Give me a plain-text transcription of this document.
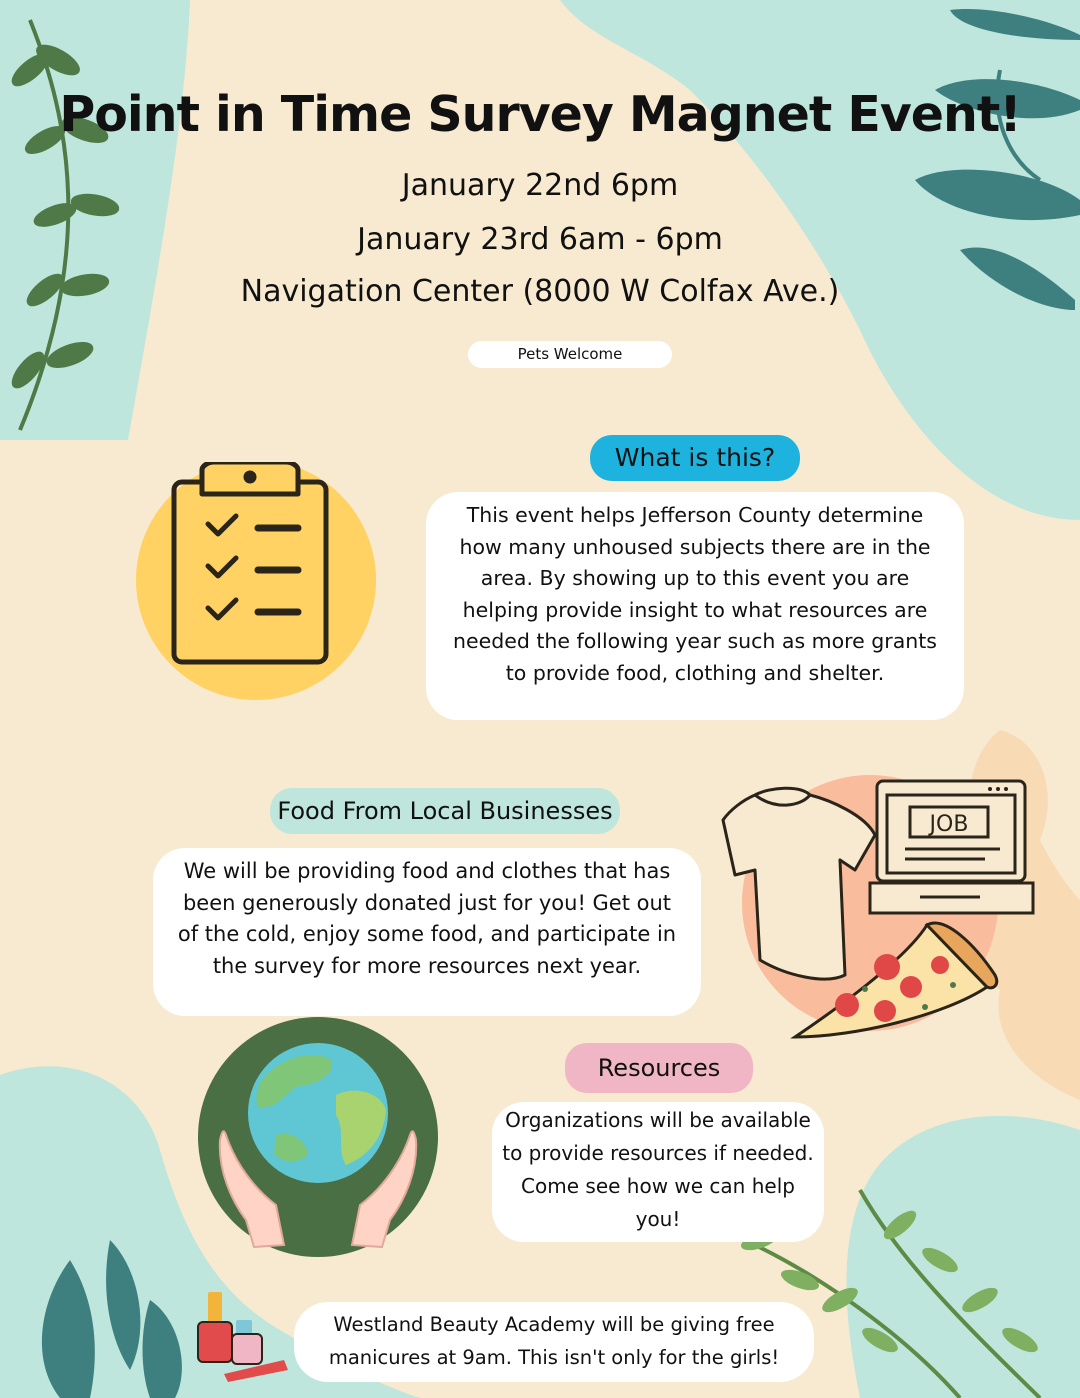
Point in Time Survey Magnet Event!
January 22nd 6pm
January 23rd 6am - 6pm
Navigation Center (8000 W Colfax Ave.)
Pets Welcome
What is this?
This event helps Jefferson County determine how many unhoused subjects there are in the area. By showing up to this event you are helping provide insight to what resources are needed the following year such as more grants to provide food, clothing and shelter.
Food From Local Businesses
We will be providing food and clothes that has been generously donated just for you! Get out of the cold, enjoy some food, and participate in the survey for more resources next year.
JOB
Resources
Organizations will be available to provide resources if needed. Come see how we can help you!
Westland Beauty Academy will be giving free manicures at 9am. This isn't only for the girls!
